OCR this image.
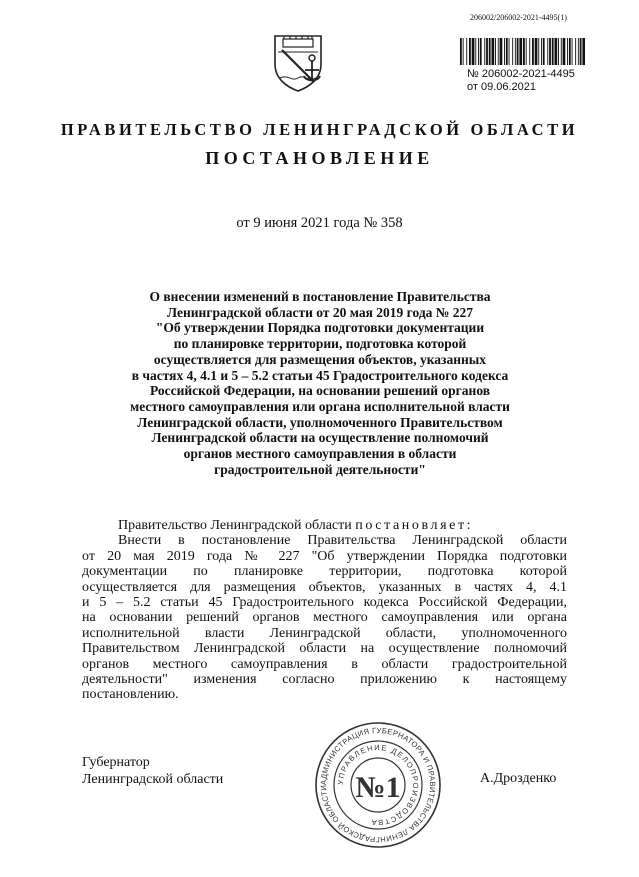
206002/206002-2021-4495(1)
№ 206002-2021-4495
от 09.06.2021
ПРАВИТЕЛЬСТВО ЛЕНИНГРАДСКОЙ ОБЛАСТИ
ПОСТАНОВЛЕНИЕ
от 9 июня 2021 года № 358
О внесении изменений в постановление Правительства
Ленинградской области от 20 мая 2019 года № 227
"Об утверждении Порядка подготовки документации
по планировке территории, подготовка которой
осуществляется для размещения объектов, указанных
в частях 4, 4.1 и 5 – 5.2 статьи 45 Градостроительного кодекса
Российской Федерации, на основании решений органов
местного самоуправления или органа исполнительной власти
Ленинградской области, уполномоченного Правительством
Ленинградской области на осуществление полномочий
органов местного самоуправления в области
градостроительной деятельности"
Правительство Ленинградской области постановляет:
Внести в постановление Правительства Ленинградской области
от 20 мая 2019 года № 227 "Об утверждении Порядка подготовки
документации по планировке территории, подготовка которой
осуществляется для размещения объектов, указанных в частях 4, 4.1
и 5 – 5.2 статьи 45 Градостроительного кодекса Российской Федерации,
на основании решений органов местного самоуправления или органа
исполнительной власти Ленинградской области, уполномоченного
Правительством Ленинградской области на осуществление полномочий
органов местного самоуправления в области градостроительной
деятельности" изменения согласно приложению к настоящему
постановлению.
Губернатор
Ленинградской области	А.Дрозденко
АДМИНИСТРАЦИЯ ГУБЕРНАТОРА И ПРАВИТЕЛЬСТВА ЛЕНИНГРАДСКОЙ ОБЛАСТИ
УПРАВЛЕНИЕ ДЕЛОПРОИЗВОДСТВА
№1
